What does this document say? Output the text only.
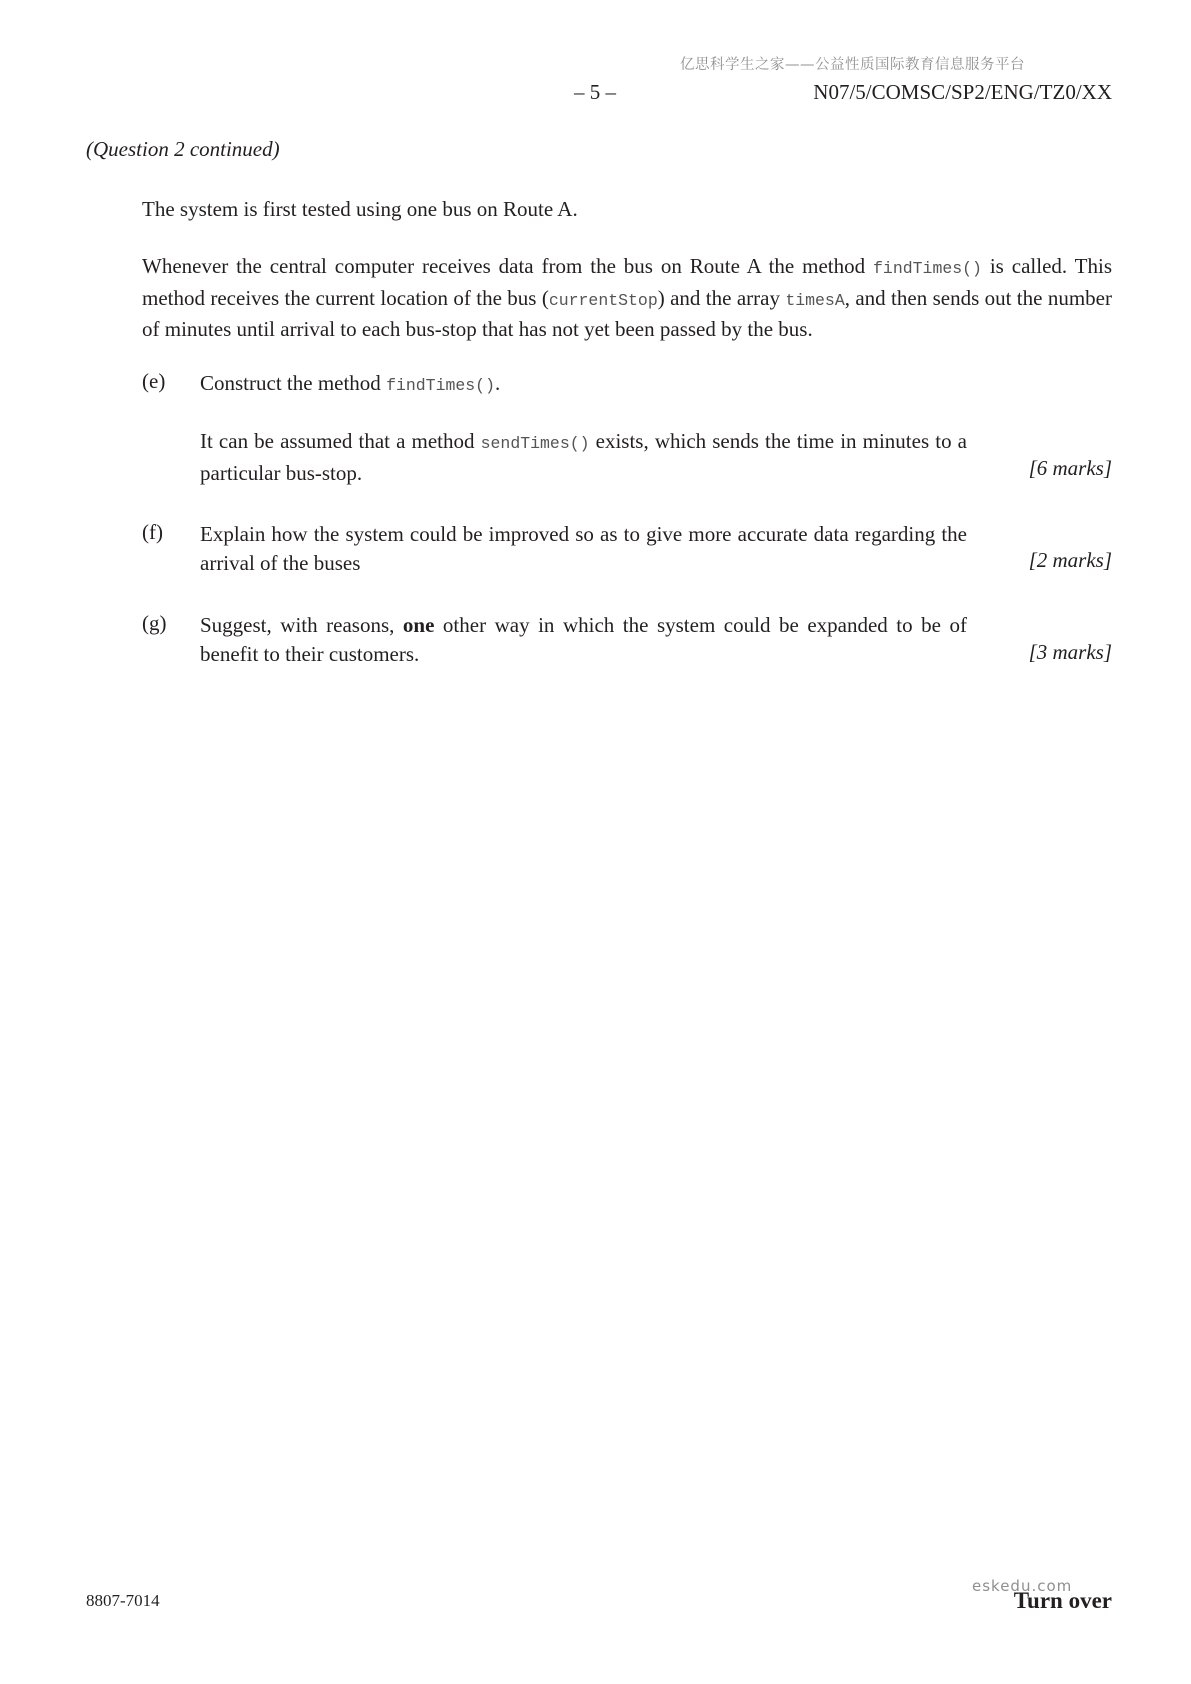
亿思科学生之家——公益性质国际教育信息服务平台
– 5 –	N07/5/COMSC/SP2/ENG/TZ0/XX
(Question 2 continued)

The system is first tested using one bus on Route A.

Whenever the central computer receives data from the bus on Route A the method findTimes() is called. This method receives the current location of the bus (currentStop) and the array timesA, and then sends out the number of minutes until arrival to each bus-stop that has not yet been passed by the bus.

(e) Construct the method findTimes().

It can be assumed that a method sendTimes() exists, which sends the time in minutes to a particular bus-stop.	[6 marks]
(f) Explain how the system could be improved so as to give more accurate data regarding the arrival of the buses	[2 marks]
(g) Suggest, with reasons, one other way in which the system could be expanded to be of benefit to their customers.	[3 marks]
8807-7014	Turn over
eskedu.com
